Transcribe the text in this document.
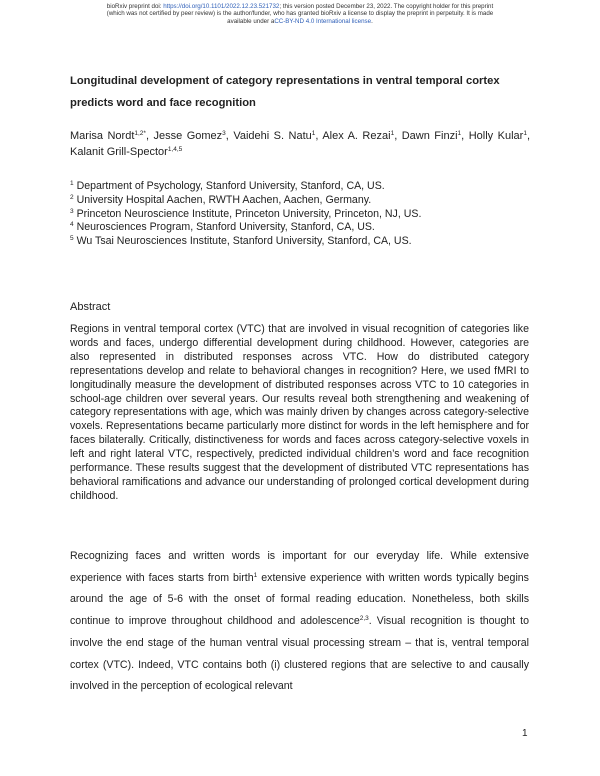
bioRxiv preprint doi: https://doi.org/10.1101/2022.12.23.521732; this version posted December 23, 2022. The copyright holder for this preprint
(which was not certified by peer review) is the author/funder, who has granted bioRxiv a license to display the preprint in perpetuity. It is made
available under aCC-BY-ND 4.0 International license.
Longitudinal development of category representations in ventral temporal cortex predicts word and face recognition
Marisa Nordt$^{1,2*}$, Jesse Gomez$^3$, Vaidehi S. Natu$^1$, Alex A. Rezai$^1$, Dawn Finzi$^1$, Holly Kular$^1$, Kalanit Grill-Spector$^{1,4,5}$
$^1$ Department of Psychology, Stanford University, Stanford, CA, US.
$^2$ University Hospital Aachen, RWTH Aachen, Aachen, Germany.
$^3$ Princeton Neuroscience Institute, Princeton University, Princeton, NJ, US.
$^4$ Neurosciences Program, Stanford University, Stanford, CA, US.
$^5$ Wu Tsai Neurosciences Institute, Stanford University, Stanford, CA, US.
Abstract
Regions in ventral temporal cortex (VTC) that are involved in visual recognition of categories like words and faces, undergo differential development during childhood. However, categories are also represented in distributed responses across VTC. How do distributed category representations develop and relate to behavioral changes in recognition? Here, we used fMRI to longitudinally measure the development of distributed responses across VTC to 10 categories in school-age children over several years. Our results reveal both strengthening and weakening of category representations with age, which was mainly driven by changes across category-selective voxels. Representations became particularly more distinct for words in the left hemisphere and for faces bilaterally. Critically, distinctiveness for words and faces across category-selective voxels in left and right lateral VTC, respectively, predicted individual children’s word and face recognition performance. These results suggest that the development of distributed VTC representations has behavioral ramifications and advance our understanding of prolonged cortical development during childhood.
Recognizing faces and written words is important for our everyday life. While extensive experience with faces starts from birth$^1$ extensive experience with written words typically begins around the age of 5-6 with the onset of formal reading education. Nonetheless, both skills continue to improve throughout childhood and adolescence$^{2,3}$. Visual recognition is thought to involve the end stage of the human ventral visual processing stream – that is, ventral temporal cortex (VTC). Indeed, VTC contains both (i) clustered regions that are selective to and causally involved in the perception of ecological relevant
1
